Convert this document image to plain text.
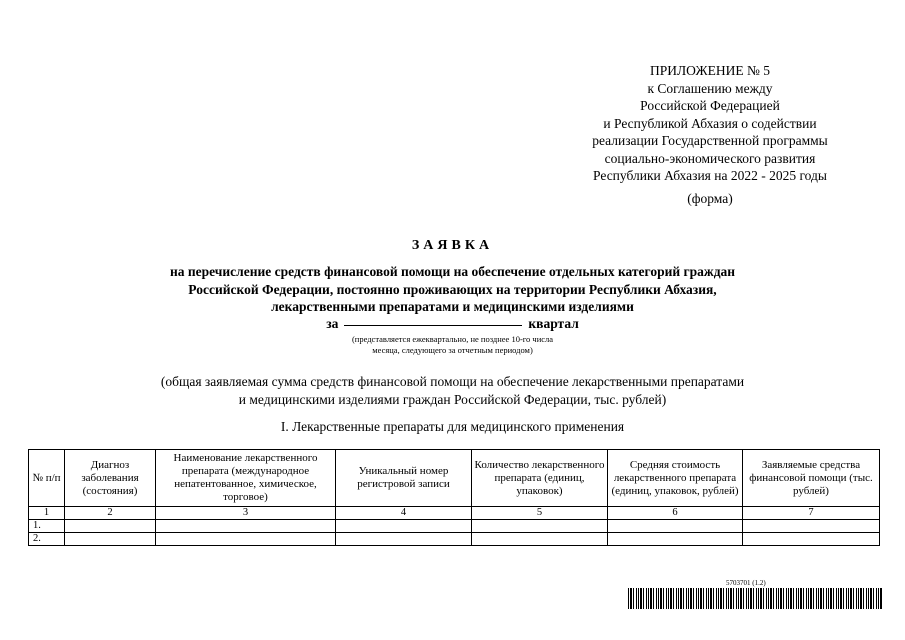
ПРИЛОЖЕНИЕ № 5
к Соглашению между
Российской Федерацией
и Республикой Абхазия о содействии
реализации Государственной программы
социально-экономического развития
Республики Абхазия на 2022 - 2025 годы
(форма)
ЗАЯВКА
на перечисление средств финансовой помощи на обеспечение отдельных категорий граждан
Российской Федерации, постоянно проживающих на территории Республики Абхазия,
лекарственными препаратами и медицинскими изделиями
за	квартал
(представляется ежеквартально, не позднее 10-го числа
месяца, следующего за отчетным периодом)
(общая заявляемая сумма средств финансовой помощи на обеспечение лекарственными препаратами
и медицинскими изделиями граждан Российской Федерации, тыс. рублей)
I. Лекарственные препараты для медицинского применения
№ п/п	Диагноз заболевания (состояния)	Наименование лекарственного препарата (международное непатентованное, химическое, торговое)	Уникальный номер регистровой записи	Количество лекарственного препарата (единиц, упаковок)	Средняя стоимость лекарственного препарата (единиц, упаковок, рублей)	Заявляемые средства финансовой помощи (тыс. рублей)
1	2	3	4	5	6	7
1.						
2.						
5703701 (1.2)
